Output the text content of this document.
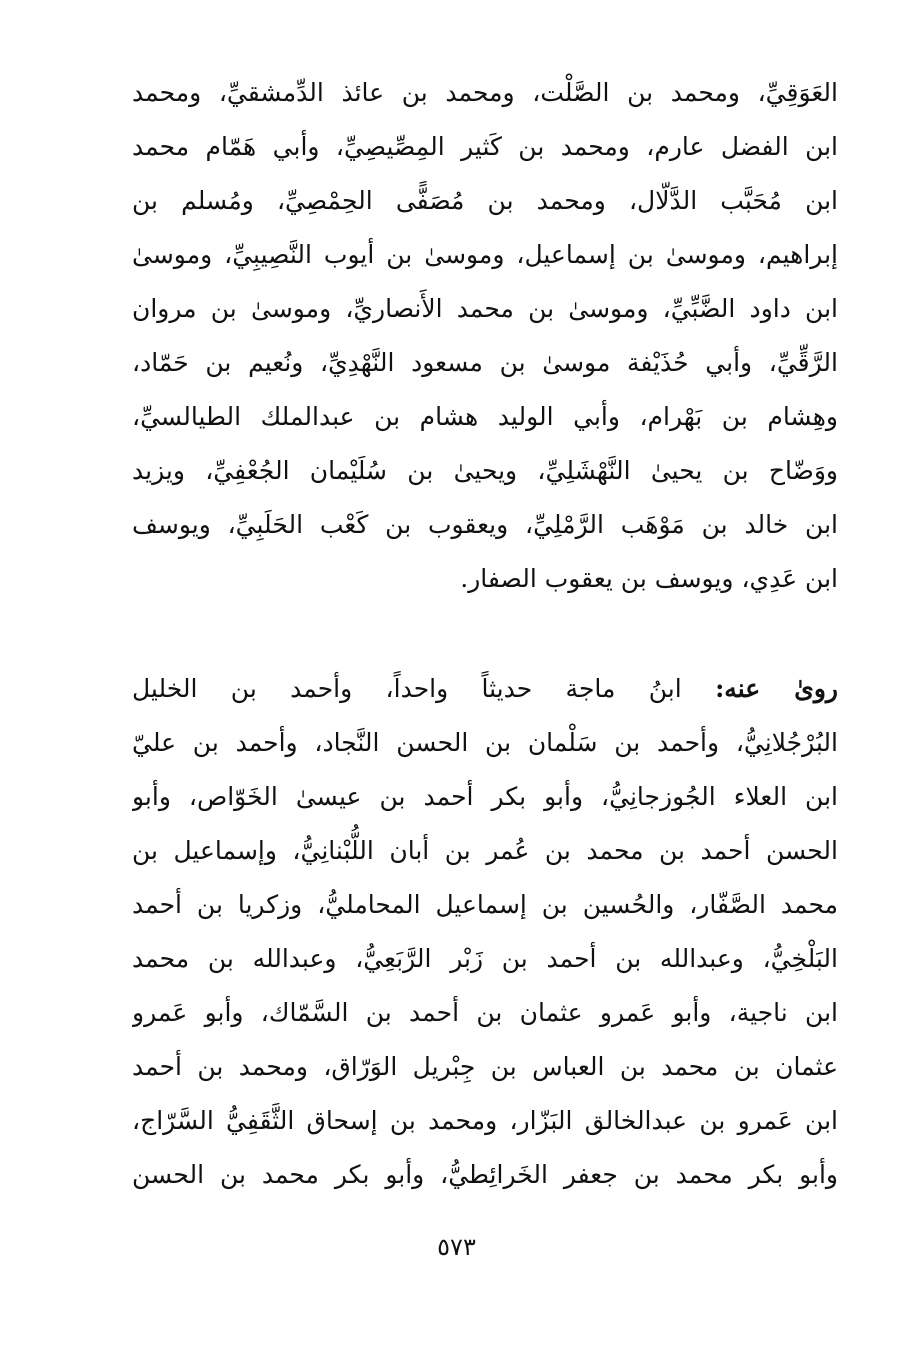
العَوَقِيِّ، ومحمد بن الصَّلْت، ومحمد بن عائذ الدِّمشقيِّ، ومحمد
ابن الفضل عارم، ومحمد بن كَثير المِصِّيصِيِّ، وأبي هَمّام محمد
ابن مُحَبَّب الدَّلّال، ومحمد بن مُصَفًّى الحِمْصِيِّ، ومُسلم بن
إبراهيم، وموسىٰ بن إسماعيل، وموسىٰ بن أيوب النَّصِيبِيِّ، وموسىٰ
ابن داود الضَّبِّيِّ، وموسىٰ بن محمد الأَنصاريِّ، وموسىٰ بن مروان
الرَّقِّيِّ، وأبي حُذَيْفة موسىٰ بن مسعود النَّهْدِيِّ، ونُعيم بن حَمّاد،
وهِشام بن بَهْرام، وأبي الوليد هشام بن عبدالملك الطيالسيِّ،
ووَضّاح بن يحيىٰ النَّهْشَلِيِّ، ويحيىٰ بن سُلَيْمان الجُعْفِيِّ، ويزيد
ابن خالد بن مَوْهَب الرَّمْلِيِّ، ويعقوب بن كَعْب الحَلَبِيِّ، ويوسف
ابن عَدِي، ويوسف بن يعقوب الصفار.
روىٰ عنه: ابنُ ماجة حديثاً واحداً، وأحمد بن الخليل
البُرْجُلانِيُّ، وأحمد بن سَلْمان بن الحسن النَّجاد، وأحمد بن عليّ
ابن العلاء الجُوزجانِيُّ، وأبو بكر أحمد بن عيسىٰ الخَوّاص، وأبو
الحسن أحمد بن محمد بن عُمر بن أبان اللُّبْنانِيُّ، وإسماعيل بن
محمد الصَّفّار، والحُسين بن إسماعيل المحامليُّ، وزكريا بن أحمد
البَلْخِيُّ، وعبدالله بن أحمد بن زَبْر الرَّبَعِيُّ، وعبدالله بن محمد
ابن ناجية، وأبو عَمرو عثمان بن أحمد بن السَّمّاك، وأبو عَمرو
عثمان بن محمد بن العباس بن جِبْريل الوَرّاق، ومحمد بن أحمد
ابن عَمرو بن عبدالخالق البَزّار، ومحمد بن إسحاق الثَّقَفِيُّ السَّرّاج،
وأبو بكر محمد بن جعفر الخَرائِطيُّ، وأبو بكر محمد بن الحسن
٥٧٣
